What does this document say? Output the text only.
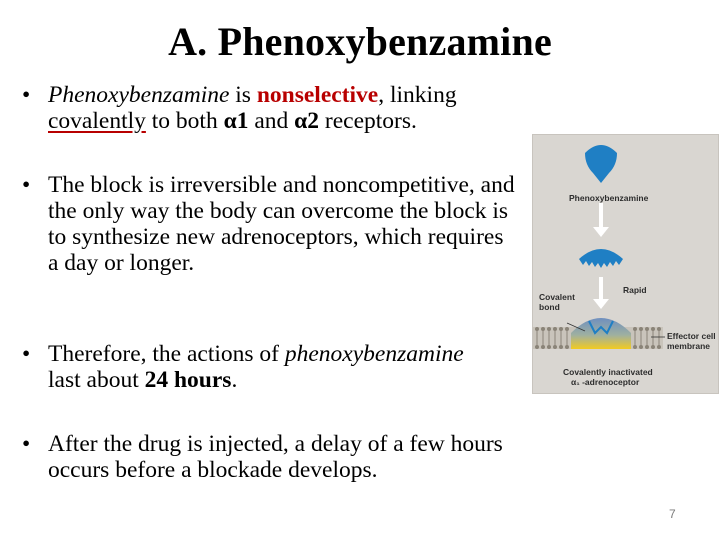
A. Phenoxybenzamine
• Phenoxybenzamine is nonselective, linking
covalently to both α1 and α2 receptors.
• The block is irreversible and noncompetitive, and the only way the body can overcome the block is to synthesize new adrenoceptors, which requires a day or longer.
• Therefore, the actions of phenoxybenzamine
last about 24 hours.
• After the drug is injected, a delay of a few hours occurs before a blockade develops.
Phenoxybenzamine
Rapid
Covalent
bond
Effector cell
membrane
Covalently inactivated
α₁ -adrenoceptor
7
